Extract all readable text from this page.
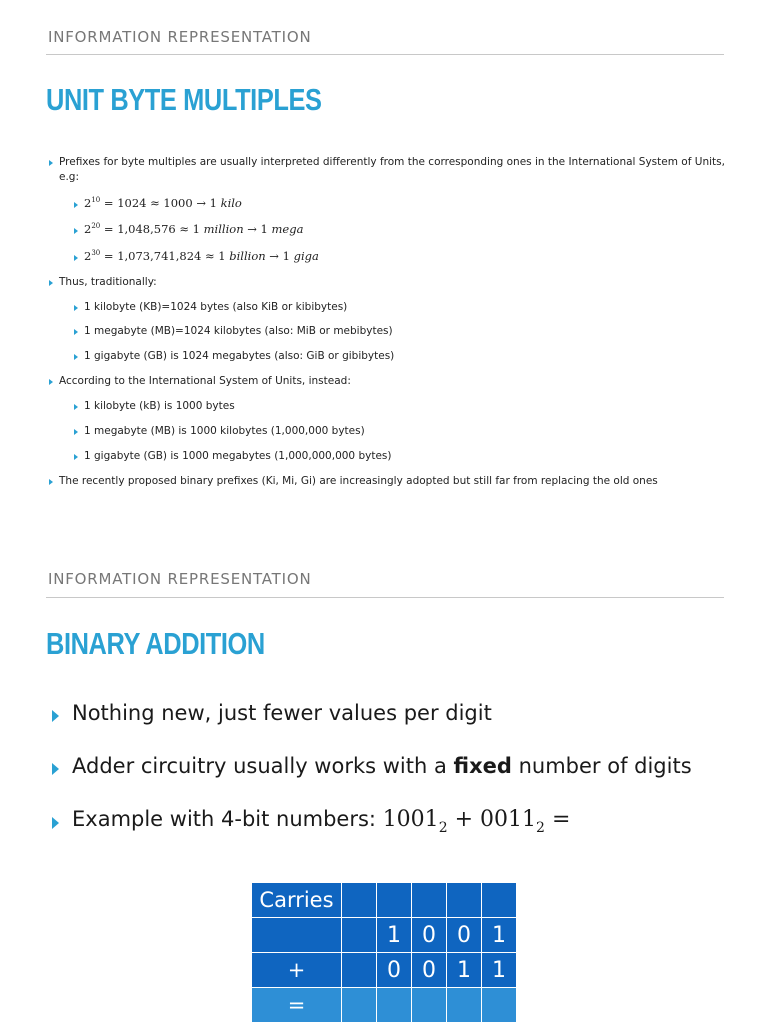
INFORMATION REPRESENTATION
UNIT BYTE MULTIPLES
Prefixes for byte multiples are usually interpreted differently from the corresponding ones in the International System of Units,
e.g:
$2^{10} = 1024 \approx 1000 \to 1$ kilo
$2^{20} = 1,048,576 \approx 1$ million → 1 mega
$2^{30} = 1,073,741,824 \approx 1$ billion → 1 giga
Thus, traditionally:
1 kilobyte (KB)=1024 bytes (also KiB or kibibytes)
1 megabyte (MB)=1024 kilobytes (also: MiB or mebibytes)
1 gigabyte (GB) is 1024 megabytes (also: GiB or gibibytes)
According to the International System of Units, instead:
1 kilobyte (kB) is 1000 bytes
1 megabyte (MB) is 1000 kilobytes (1,000,000 bytes)
1 gigabyte (GB) is 1000 megabytes (1,000,000,000 bytes)
The recently proposed binary prefixes (Ki, Mi, Gi) are increasingly adopted but still far from replacing the old ones
INFORMATION REPRESENTATION
BINARY ADDITION
Nothing new, just fewer values per digit
Adder circuitry usually works with a fixed number of digits
Example with 4-bit numbers: $1001_2 + 0011_2$ =
Carries					
		1	0	0	1
+		0	0	1	1
=					
